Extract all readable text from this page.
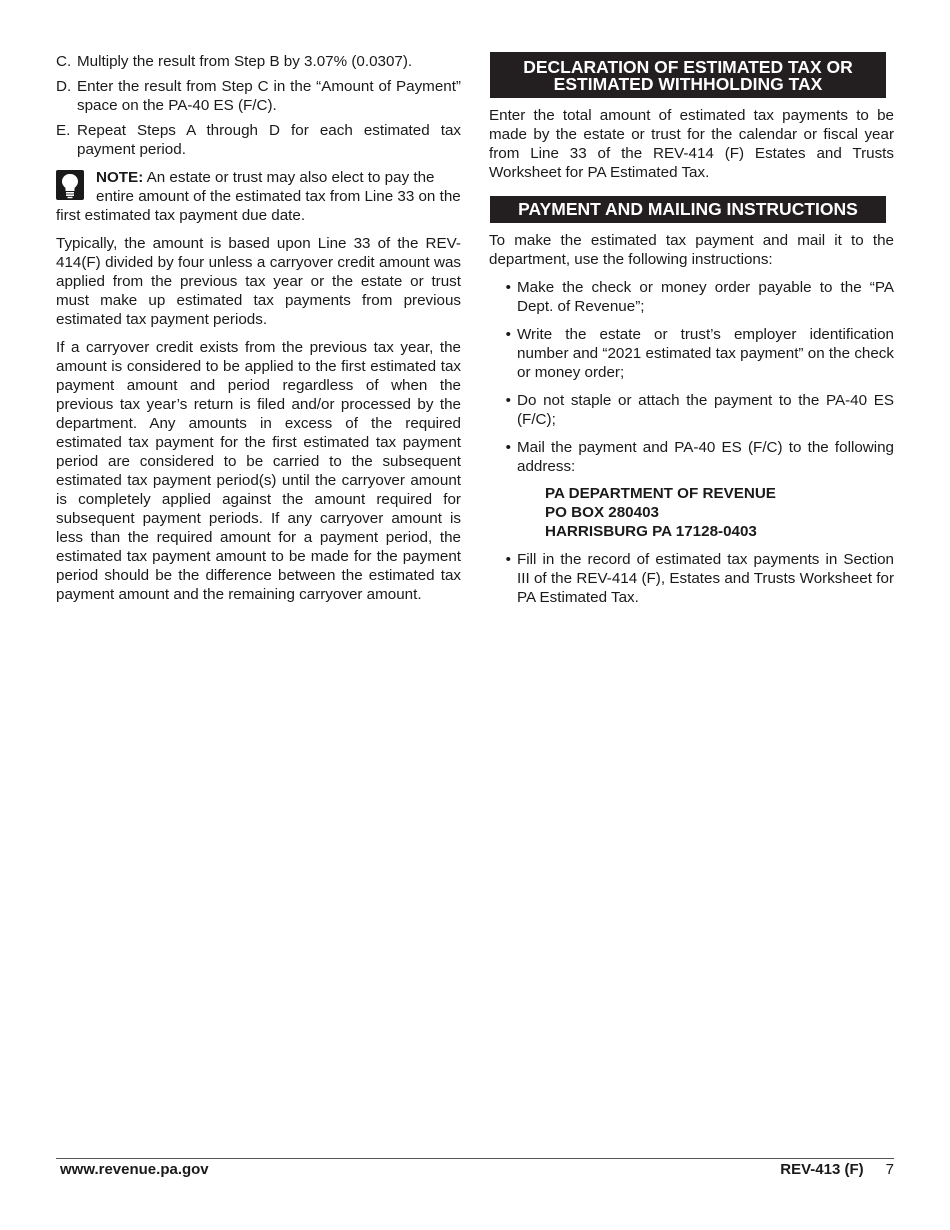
C. Multiply the result from Step B by 3.07% (0.0307).
D. Enter the result from Step C in the “Amount of Payment” space on the PA-40 ES (F/C).
E. Repeat Steps A through D for each estimated tax payment period.
NOTE: An estate or trust may also elect to pay the
entire amount of the estimated tax from Line 33 on the
first estimated tax payment due date.

Typically, the amount is based upon Line 33 of the REV-414(F) divided by four unless a carryover credit amount was applied from the previous tax year or the estate or trust must make up estimated tax payments from previous estimated tax payment periods.

If a carryover credit exists from the previous tax year, the amount is considered to be applied to the first estimated tax payment amount and period regardless of when the previous tax year’s return is filed and/or processed by the department. Any amounts in excess of the required estimated tax payment for the first estimated tax payment period are considered to be carried to the subsequent estimated tax payment period(s) until the carryover amount is completely applied against the amount required for subsequent payment periods. If any carryover amount is less than the required amount for a payment period, the estimated tax payment amount to be made for the payment period should be the difference between the estimated tax payment amount and the remaining carryover amount.

DECLARATION OF ESTIMATED TAX OR
ESTIMATED WITHHOLDING TAX

Enter the total amount of estimated tax payments to be made by the estate or trust for the calendar or fiscal year from Line 33 of the REV-414 (F) Estates and Trusts Worksheet for PA Estimated Tax.

PAYMENT AND MAILING INSTRUCTIONS

To make the estimated tax payment and mail it to the department, use the following instructions:

• Make the check or money order payable to the “PA Dept. of Revenue”;
• Write the estate or trust’s employer identification number and “2021 estimated tax payment” on the check or money order;
• Do not staple or attach the payment to the PA-40 ES (F/C);
• Mail the payment and PA-40 ES (F/C) to the following address:
PA DEPARTMENT OF REVENUE
PO BOX 280403
HARRISBURG PA 17128-0403
• Fill in the record of estimated tax payments in Section III of the REV-414 (F), Estates and Trusts Worksheet for PA Estimated Tax.
www.revenue.pa.gov	REV-413 (F) 7
